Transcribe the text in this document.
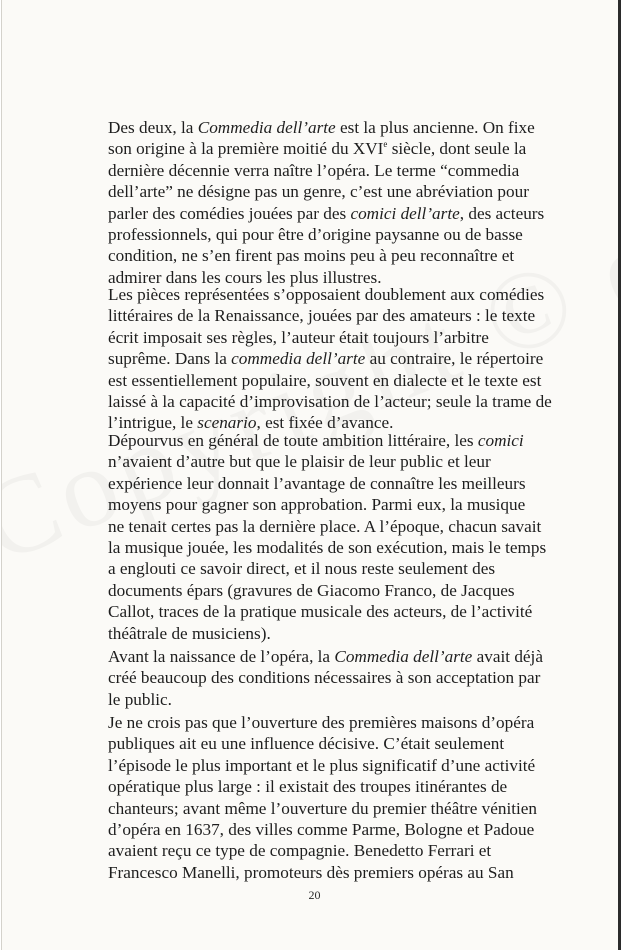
Des deux, la Commedia dell’arte est la plus ancienne. On fixe
son origine à la première moitié du XVIe siècle, dont seule la
dernière décennie verra naître l’opéra. Le terme “commedia
dell’arte” ne désigne pas un genre, c’est une abréviation pour
parler des comédies jouées par des comici dell’arte, des acteurs
professionnels, qui pour être d’origine paysanne ou de basse
condition, ne s’en firent pas moins peu à peu reconnaître et
admirer dans les cours les plus illustres.

Les pièces représentées s’opposaient doublement aux comédies
littéraires de la Renaissance, jouées par des amateurs : le texte
écrit imposait ses règles, l’auteur était toujours l’arbitre
suprême. Dans la commedia dell’arte au contraire, le répertoire
est essentiellement populaire, souvent en dialecte et le texte est
laissé à la capacité d’improvisation de l’acteur; seule la trame de
l’intrigue, le scenario, est fixée d’avance.

Dépourvus en général de toute ambition littéraire, les comici
n’avaient d’autre but que le plaisir de leur public et leur
expérience leur donnait l’avantage de connaître les meilleurs
moyens pour gagner son approbation. Parmi eux, la musique
ne tenait certes pas la dernière place. A l’époque, chacun savait
la musique jouée, les modalités de son exécution, mais le temps
a englouti ce savoir direct, et il nous reste seulement des
documents épars (gravures de Giacomo Franco, de Jacques
Callot, traces de la pratique musicale des acteurs, de l’activité
théâtrale de musiciens).

Avant la naissance de l’opéra, la Commedia dell’arte avait déjà
créé beaucoup des conditions nécessaires à son acceptation par
le public.

Je ne crois pas que l’ouverture des premières maisons d’opéra
publiques ait eu une influence décisive. C’était seulement
l’épisode le plus important et le plus significatif d’une activité
opératique plus large : il existait des troupes itinérantes de
chanteurs; avant même l’ouverture du premier théâtre vénitien
d’opéra en 1637, des villes comme Parme, Bologne et Padoue
avaient reçu ce type de compagnie. Benedetto Ferrari et
Francesco Manelli, promoteurs dès premiers opéras au San

20
